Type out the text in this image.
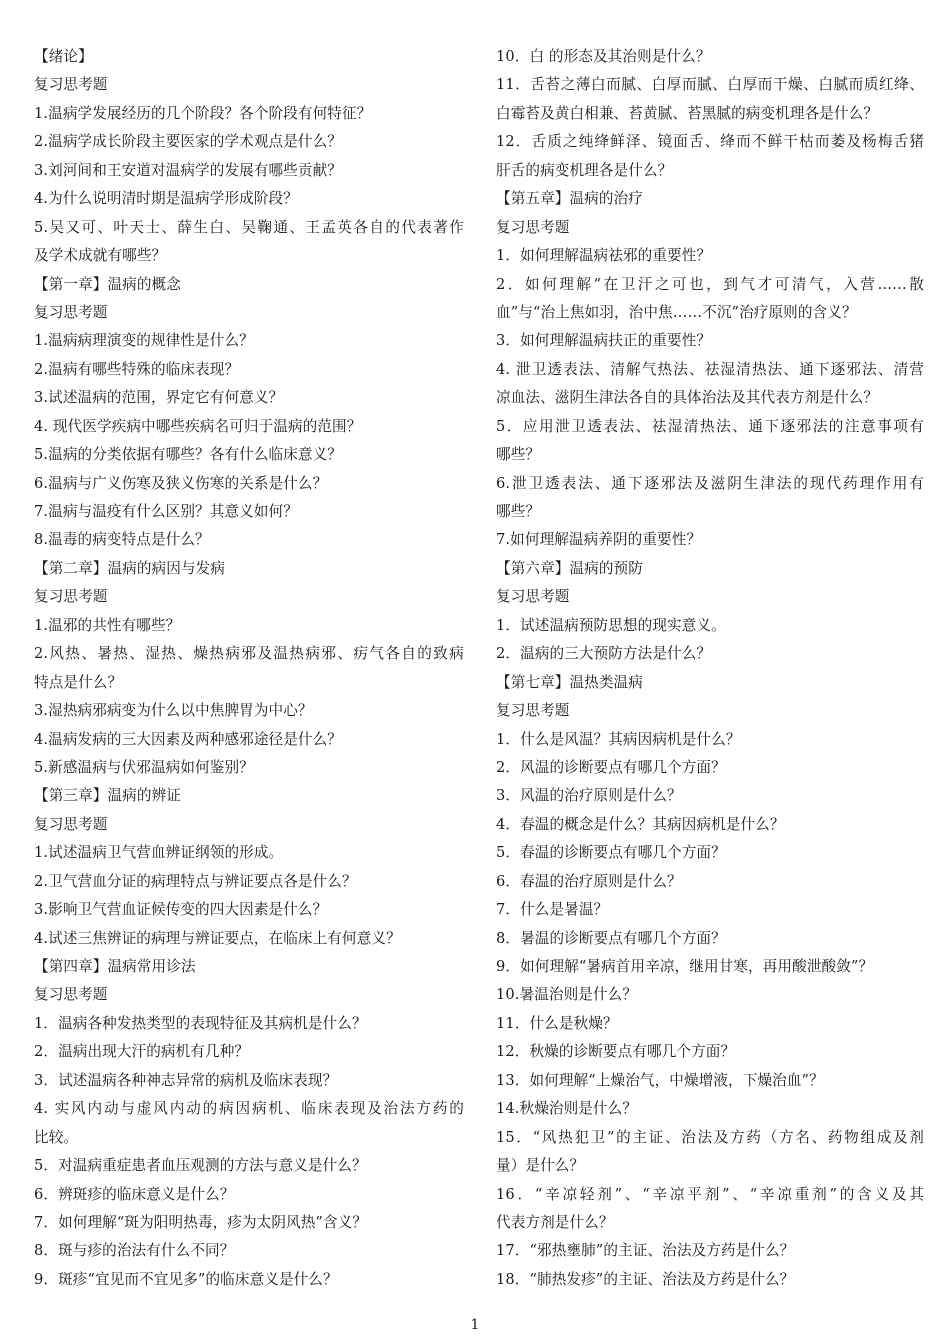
【绪论】
复习思考题
1.温病学发展经历的几个阶段？各个阶段有何特征？
2.温病学成长阶段主要医家的学术观点是什么？
3.刘河间和王安道对温病学的发展有哪些贡献？
4.为什么说明清时期是温病学形成阶段？
5.吴又可、叶天士、薛生白、吴鞠通、王孟英各自的代表著作
及学术成就有哪些？
【第一章】温病的概念
复习思考题
1.温病病理演变的规律性是什么？
2.温病有哪些特殊的临床表现？
3.试述温病的范围，界定它有何意义？
4. 现代医学疾病中哪些疾病名可归于温病的范围？
5.温病的分类依据有哪些？各有什么临床意义？
6.温病与广义伤寒及狭义伤寒的关系是什么？
7.温病与温疫有什么区别？其意义如何？
8.温毒的病变特点是什么？
【第二章】温病的病因与发病
复习思考题
1.温邪的共性有哪些？
2.风热、暑热、湿热、燥热病邪及温热病邪、疠气各自的致病
特点是什么？
3.湿热病邪病变为什么以中焦脾胃为中心？
4.温病发病的三大因素及两种感邪途径是什么？
5.新感温病与伏邪温病如何鉴别？
【第三章】温病的辨证
复习思考题
1.试述温病卫气营血辨证纲领的形成。
2.卫气营血分证的病理特点与辨证要点各是什么？
3.影响卫气营血证候传变的四大因素是什么？
4.试述三焦辨证的病理与辨证要点，在临床上有何意义？
【第四章】温病常用诊法
复习思考题
1．温病各种发热类型的表现特征及其病机是什么？
2．温病出现大汗的病机有几种？
3．试述温病各种神志异常的病机及临床表现？
4. 实风内动与虚风内动的病因病机、临床表现及治法方药的
比较。
5．对温病重症患者血压观测的方法与意义是什么？
6．辨斑疹的临床意义是什么？
7．如何理解“斑为阳明热毒，疹为太阴风热”含义？
8．斑与疹的治法有什么不同？
9．斑疹“宜见而不宜见多”的临床意义是什么？
10．白 的形态及其治则是什么？
11．舌苔之薄白而腻、白厚而腻、白厚而干燥、白腻而质红绛、
白霉苔及黄白相兼、苔黄腻、苔黑腻的病变机理各是什么？
12．舌质之纯绛鲜泽、镜面舌、绛而不鲜干枯而萎及杨梅舌猪
肝舌的病变机理各是什么？
【第五章】温病的治疗
复习思考题
1．如何理解温病祛邪的重要性？
2．如何理解“在卫汗之可也，到气才可清气，入营……散
血”与“治上焦如羽，治中焦……不沉”治疗原则的含义？
3．如何理解温病扶正的重要性？
4. 泄卫透表法、清解气热法、祛湿清热法、通下逐邪法、清营
凉血法、滋阴生津法各自的具体治法及其代表方剂是什么？
5．应用泄卫透表法、祛湿清热法、通下逐邪法的注意事项有
哪些？
6.泄卫透表法、通下逐邪法及滋阴生津法的现代药理作用有
哪些？
7.如何理解温病养阴的重要性？
【第六章】温病的预防
复习思考题
1．试述温病预防思想的现实意义。
2．温病的三大预防方法是什么？
【第七章】温热类温病
复习思考题
1．什么是风温？其病因病机是什么？
2．风温的诊断要点有哪几个方面？
3．风温的治疗原则是什么？
4．春温的概念是什么？其病因病机是什么？
5．春温的诊断要点有哪几个方面？
6．春温的治疗原则是什么？
7．什么是暑温？
8．暑温的诊断要点有哪几个方面？
9．如何理解“暑病首用辛凉，继用甘寒，再用酸泄酸敛”？
10.暑温治则是什么？
11．什么是秋燥？
12．秋燥的诊断要点有哪几个方面？
13．如何理解“上燥治气，中燥增液，下燥治血”？
14.秋燥治则是什么？
15．“风热犯卫”的主证、治法及方药（方名、药物组成及剂
量）是什么？
16．“辛凉轻剂”、“辛凉平剂”、“辛凉重剂”的含义及其
代表方剂是什么？
17．“邪热壅肺”的主证、治法及方药是什么？
18．“肺热发疹”的主证、治法及方药是什么？
1
